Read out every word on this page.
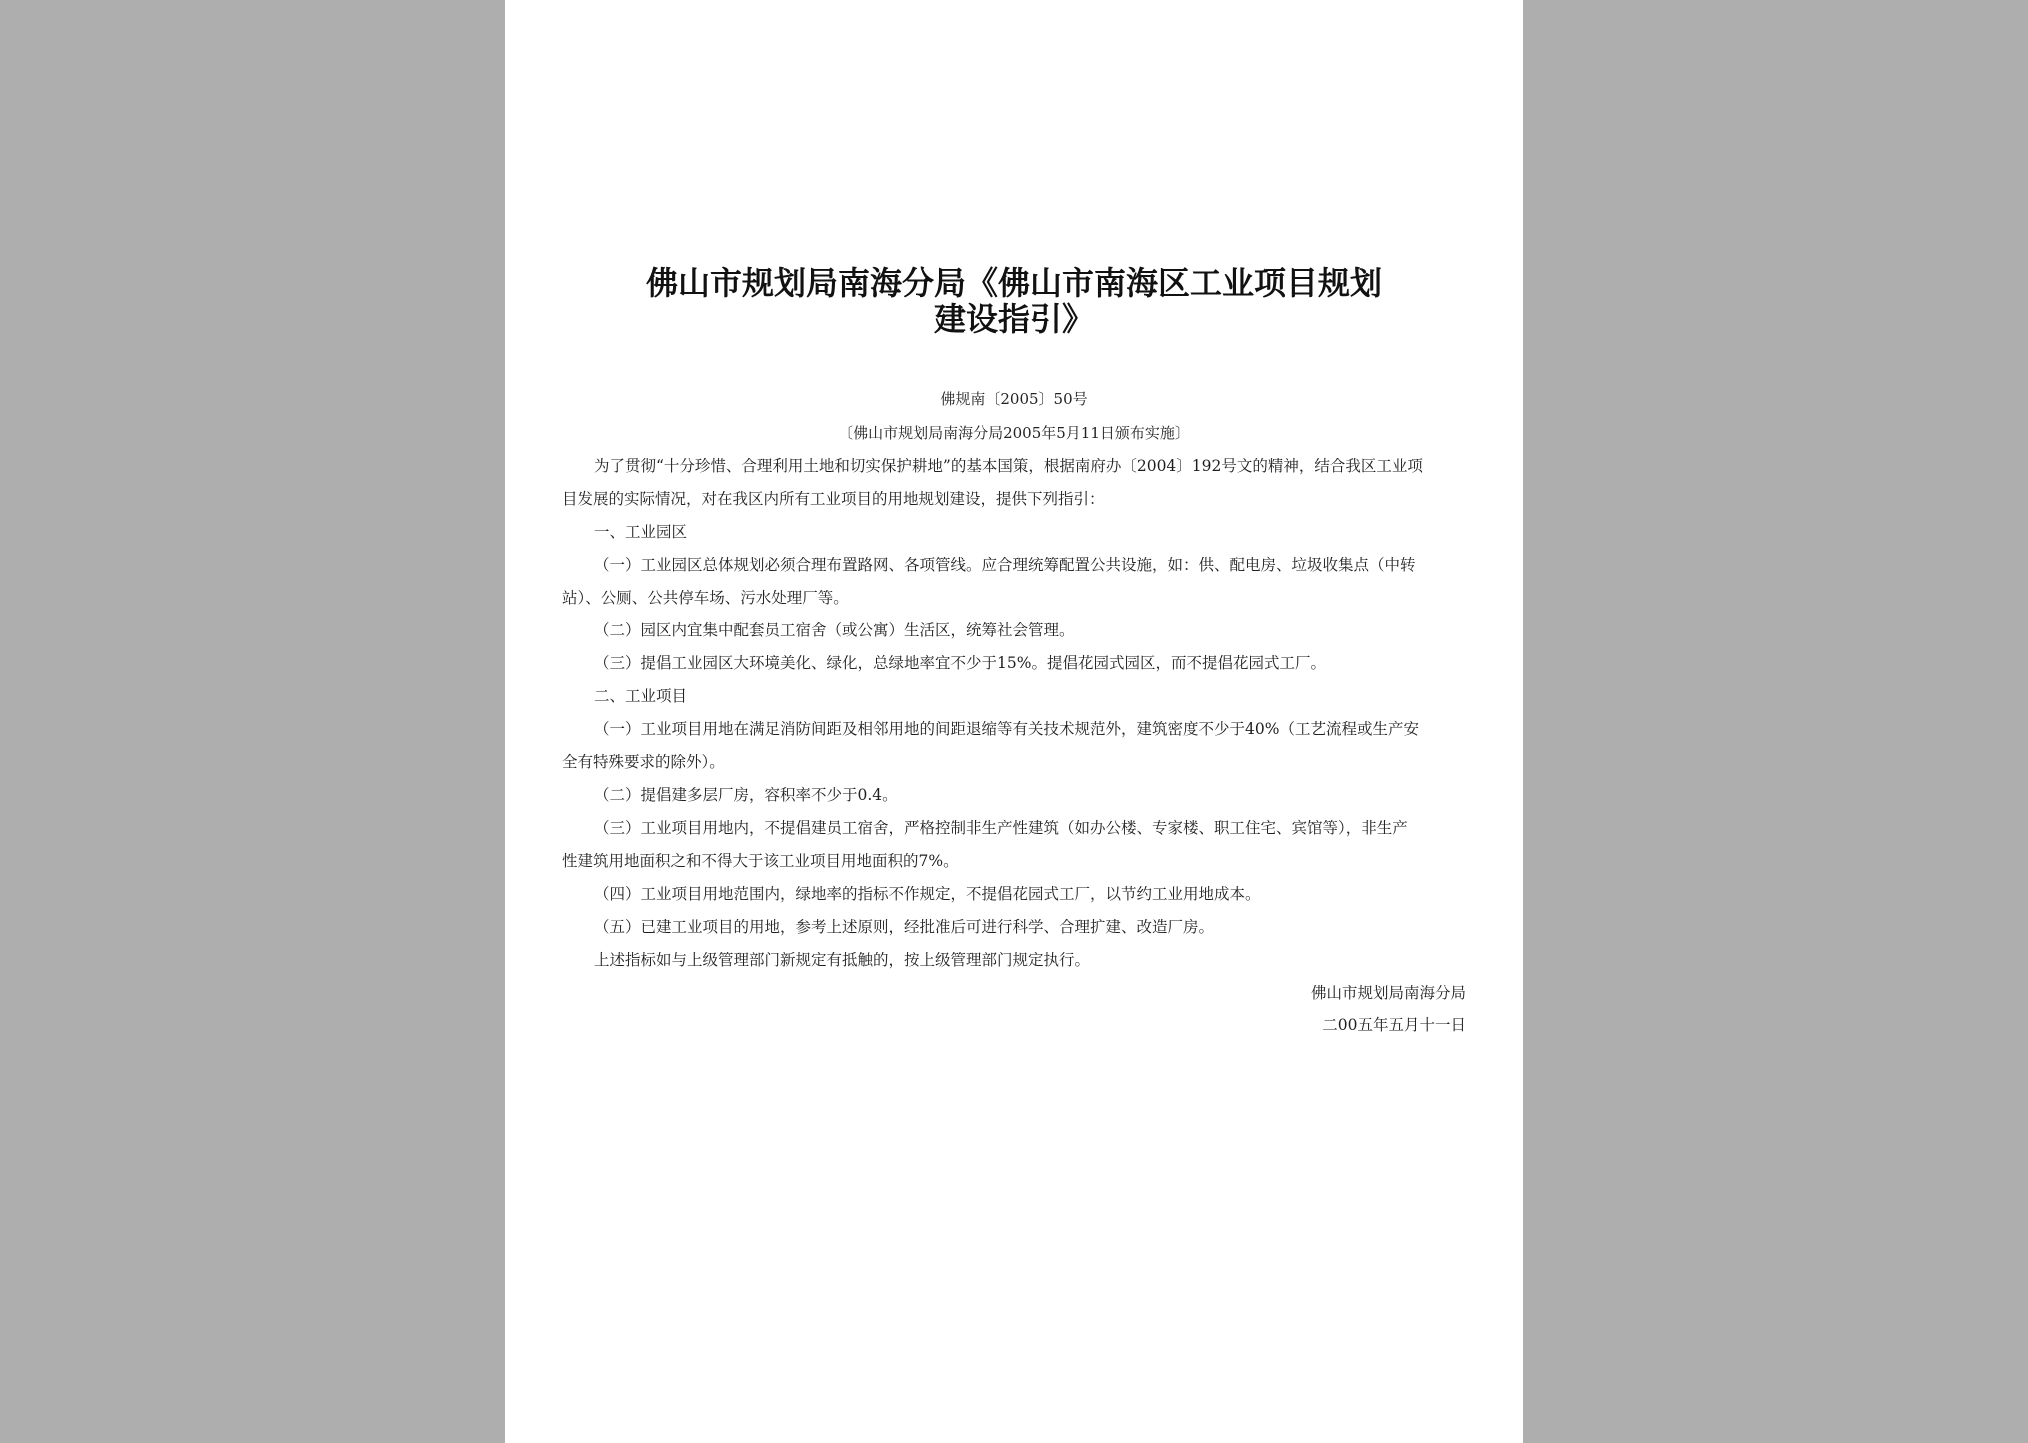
佛山市规划局南海分局《佛山市南海区工业项目规划
建设指引》
佛规南〔2005〕50号
〔佛山市规划局南海分局2005年5月11日颁布实施〕
为了贯彻“十分珍惜、合理利用土地和切实保护耕地”的基本国策，根据南府办〔2004〕192号文的精神，结合我区工业项
目发展的实际情况，对在我区内所有工业项目的用地规划建设，提供下列指引：
一、工业园区
（一）工业园区总体规划必须合理布置路网、各项管线。应合理统筹配置公共设施，如：供、配电房、垃圾收集点（中转
站）、公厕、公共停车场、污水处理厂等。
（二）园区内宜集中配套员工宿舍（或公寓）生活区，统筹社会管理。
（三）提倡工业园区大环境美化、绿化，总绿地率宜不少于15%。提倡花园式园区，而不提倡花园式工厂。
二、工业项目
（一）工业项目用地在满足消防间距及相邻用地的间距退缩等有关技术规范外，建筑密度不少于40%（工艺流程或生产安
全有特殊要求的除外）。
（二）提倡建多层厂房，容积率不少于0.4。
（三）工业项目用地内，不提倡建员工宿舍，严格控制非生产性建筑（如办公楼、专家楼、职工住宅、宾馆等），非生产
性建筑用地面积之和不得大于该工业项目用地面积的7%。
（四）工业项目用地范围内，绿地率的指标不作规定，不提倡花园式工厂，以节约工业用地成本。
（五）已建工业项目的用地，参考上述原则，经批准后可进行科学、合理扩建、改造厂房。
上述指标如与上级管理部门新规定有抵触的，按上级管理部门规定执行。
佛山市规划局南海分局
二00五年五月十一日
